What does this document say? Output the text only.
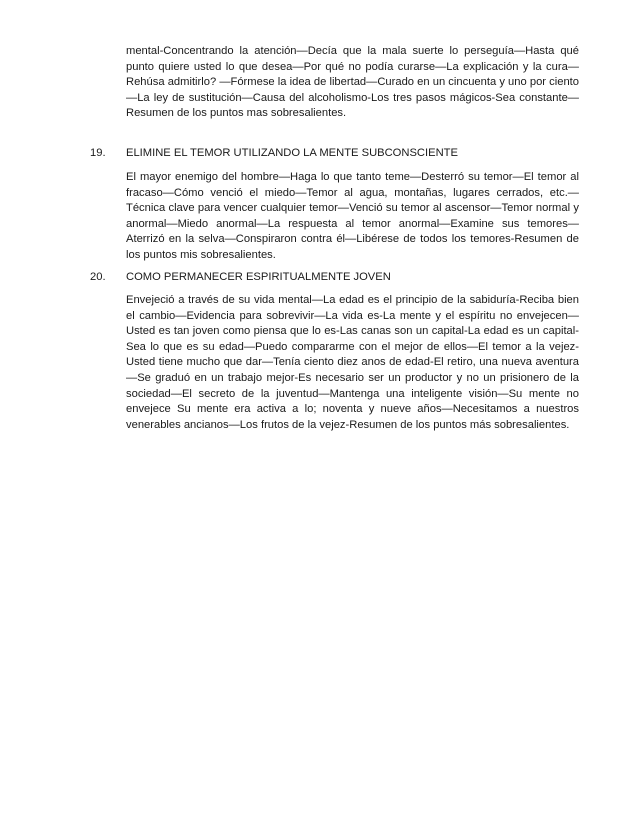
mental-Concentrando la atención—Decía que la mala suerte lo perseguía—Hasta qué punto quiere usted lo que desea—Por qué no podía curarse—La explicación y la cura—Rehúsa admitirlo? —Fórmese la idea de libertad—Curado en un cincuenta y uno por ciento—La ley de sustitución—Causa del alcoholismo-Los tres pasos mágicos-Sea constante—Resumen de los puntos mas sobresalientes.

19. ELIMINE EL TEMOR UTILIZANDO LA MENTE SUBCONSCIENTE

El mayor enemigo del hombre—Haga lo que tanto teme—Desterró su temor—El temor al fracaso—Cómo venció el miedo—Temor al agua, montañas, lugares cerrados, etc.—Técnica clave para vencer cualquier temor—Venció su temor al ascensor—Temor normal y anormal—Miedo anormal—La respuesta al temor anormal—Examine sus temores—Aterrizó en la selva—Conspiraron contra él—Libérese de todos los temores-Resumen de los puntos mis sobresalientes.

20. COMO PERMANECER ESPIRITUALMENTE JOVEN

Envejeció a través de su vida mental—La edad es el principio de la sabiduría-Reciba bien el cambio—Evidencia para sobrevivir—La vida es-La mente y el espíritu no envejecen—Usted es tan joven como piensa que lo es-Las canas son un capital-La edad es un capital-Sea lo que es su edad—Puedo compararme con el mejor de ellos—El temor a la vejez-Usted tiene mucho que dar—Tenía ciento diez anos de edad-El retiro, una nueva aventura—Se graduó en un trabajo mejor-Es necesario ser un productor y no un prisionero de la sociedad—El secreto de la juventud—Mantenga una inteligente visión—Su mente no envejece Su mente era activa a lo; noventa y nueve años—Necesitamos a nuestros venerables ancianos—Los frutos de la vejez-Resumen de los puntos más sobresalientes.
